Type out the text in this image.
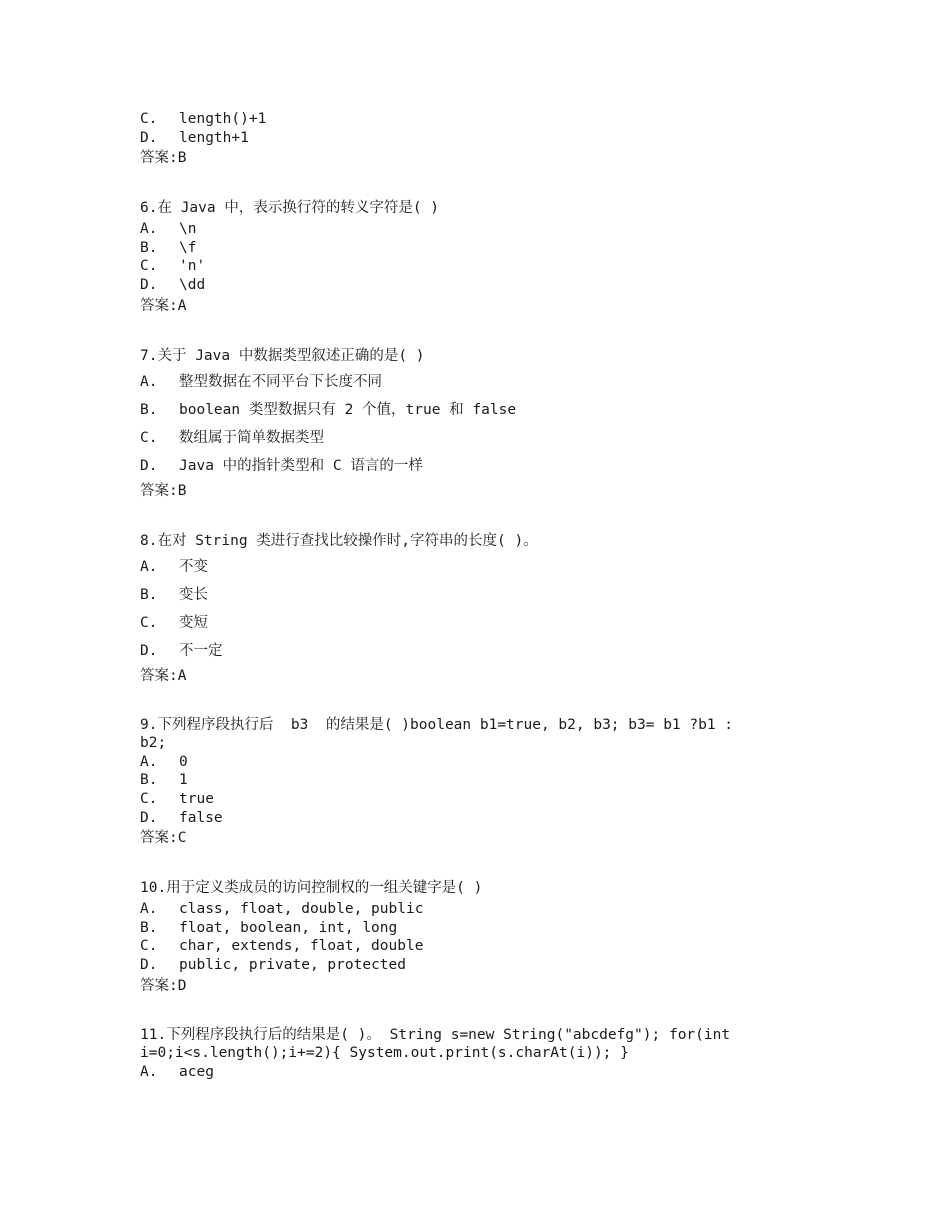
C.	length()+1
D.	length+1
答案:B
6.在 Java 中，表示换行符的转义字符是( )
A.	\n
B.	\f
C.	'n'
D.	\dd
答案:A
7.关于 Java 中数据类型叙述正确的是( )
A.	整型数据在不同平台下长度不同
B.	boolean 类型数据只有 2 个值，true 和 false
C.	数组属于简单数据类型
D.	Java 中的指针类型和 C 语言的一样
答案:B
8.在对 String 类进行查找比较操作时,字符串的长度( )。
A.	不变
B.	变长
C.	变短
D.	不一定
答案:A
9.下列程序段执行后  b3  的结果是( )boolean b1=true, b2, b3; b3= b1 ?b1 :
b2;
A.	0
B.	1
C.	true
D.	false
答案:C
10.用于定义类成员的访问控制权的一组关键字是( )
A.	class, float, double, public
B.	float, boolean, int, long
C.	char, extends, float, double
D.	public, private, protected
答案:D
11.下列程序段执行后的结果是( )。 String s=new String("abcdefg"); for(int
i=0;i<s.length();i+=2){ System.out.print(s.charAt(i)); }
A.	aceg
